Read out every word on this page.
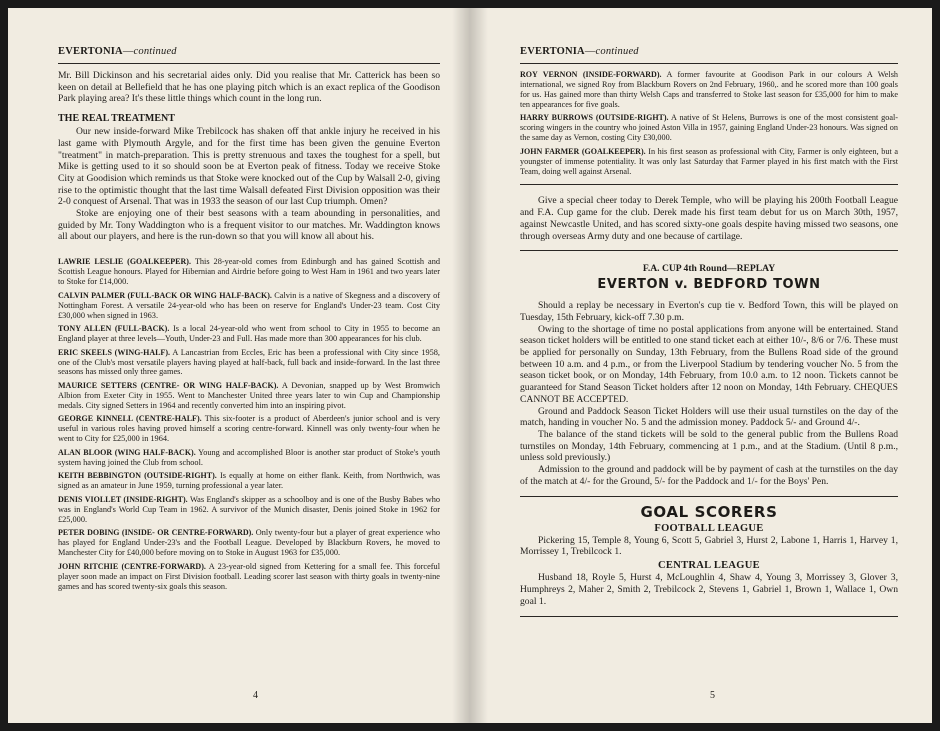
EVERTONIA—continued

Mr. Bill Dickinson and his secretarial aides only. Did you realise that Mr. Catterick has been so keen on detail at Bellefield that he has one playing pitch which is an exact replica of the Goodison Park playing area? It's these little things which count in the long run.

THE REAL TREATMENT

Our new inside-forward Mike Trebilcock has shaken off that ankle injury he received in his last game with Plymouth Argyle, and for the first time has been given the genuine Everton "treatment" in match-preparation. This is pretty strenuous and taxes the toughest for a spell, but Mike is getting used to it so should soon be at Everton peak of fitness. Today we receive Stoke City at Goodision which reminds us that Stoke were knocked out of the Cup by Walsall 2-0, giving rise to the optimistic thought that the last time Walsall defeated First Division opposition was their 2-0 conquest of Arsenal. That was in 1933 the season of our last Cup triumph. Omen?

Stoke are enjoying one of their best seasons with a team abounding in personalities, and guided by Mr. Tony Waddington who is a frequent visitor to our matches. Mr. Waddington knows all about our players, and here is the run-down so that you will know all about his.

LAWRIE LESLIE (GOALKEEPER). This 28-year-old comes from Edinburgh and has gained Scottish and Scottish League honours. Played for Hibernian and Airdrie before going to West Ham in 1961 and two years later to Stoke for £14,000.
CALVIN PALMER (FULL-BACK OR WING HALF-BACK). Calvin is a native of Skegness and a discovery of Nottingham Forest. A versatile 24-year-old who has been on reserve for England's Under-23 team. Cost City £30,000 when signed in 1963.
TONY ALLEN (FULL-BACK). Is a local 24-year-old who went from school to City in 1955 to become an England player at three levels—Youth, Under-23 and Full. Has made more than 300 appearances for his club.
ERIC SKEELS (WING-HALF). A Lancastrian from Eccles, Eric has been a professional with City since 1958, one of the Club's most versatile players having played at half-back, full back and inside-forward. In the last three seasons has missed only three games.
MAURICE SETTERS (CENTRE- OR WING HALF-BACK). A Devonian, snapped up by West Bromwich Albion from Exeter City in 1955. Went to Manchester United three years later to win Cup and Championship medals. City signed Setters in 1964 and recently converted him into an inspiring pivot.
GEORGE KINNELL (CENTRE-HALF). This six-footer is a product of Aberdeen's junior school and is very useful in various roles having proved himself a scoring centre-forward. Kinnell was only twenty-four when he went to City for £25,000 in 1964.
ALAN BLOOR (WING HALF-BACK). Young and accomplished Bloor is another star product of Stoke's youth system having joined the Club from school.
KEITH BEBBINGTON (OUTSIDE-RIGHT). Is equally at home on either flank. Keith, from Northwich, was signed as an amateur in June 1959, turning professional a year later.
DENIS VIOLLET (INSIDE-RIGHT). Was England's skipper as a schoolboy and is one of the Busby Babes who was in England's World Cup Team in 1962. A survivor of the Munich disaster, Denis joined Stoke in 1962 for £25,000.
PETER DOBING (INSIDE- OR CENTRE-FORWARD). Only twenty-four but a player of great experience who has played for England Under-23's and the Football League. Developed by Blackburn Rovers, he moved to Manchester City for £40,000 before moving on to Stoke in August 1963 for £35,000.
JOHN RITCHIE (CENTRE-FORWARD). A 23-year-old signed from Kettering for a small fee. This forceful player soon made an impact on First Division football. Leading scorer last season with thirty goals in twenty-nine games and has scored twenty-six goals this season.
4
EVERTONIA—continued
ROY VERNON (INSIDE-FORWARD). A former favourite at Goodison Park in our colours A Welsh international, we signed Roy from Blackburn Rovers on 2nd February, 1960,. and he scored more than 100 goals for us. Has gained more than thirty Welsh Caps and transferred to Stoke last season for £35,000 for him to make ten appearances for five goals.
HARRY BURROWS (OUTSIDE-RIGHT). A native of St Helens, Burrows is one of the most consistent goal-scoring wingers in the country who joined Aston Villa in 1957, gaining England Under-23 honours. Was signed on the same day as Vernon, costing City £30,000.
JOHN FARMER (GOALKEEPER). In his first season as professional with City, Farmer is only eighteen, but a youngster of immense potentiality. It was only last Saturday that Farmer played in his first match with the First Team, doing well against Arsenal.

Give a special cheer today to Derek Temple, who will be playing his 200th Football League and F.A. Cup game for the club. Derek made his first team debut for us on March 30th, 1957, against Newcastle United, and has scored sixty-one goals despite having missed two seasons, one through overseas Army duty and one because of cartilage.

F.A. CUP 4th Round—REPLAY
EVERTON v. BEDFORD TOWN

Should a replay be necessary in Everton's cup tie v. Bedford Town, this will be played on Tuesday, 15th February, kick-off 7.30 p.m.

Owing to the shortage of time no postal applications from anyone will be entertained. Stand season ticket holders will be entitled to one stand ticket each at either 10/-, 8/6 or 7/6. These must be applied for personally on Sunday, 13th February, from the Bullens Road side of the ground between 10 a.m. and 4 p.m., or from the Liverpool Stadium by tendering voucher No. 5 from the season ticket book, or on Monday, 14th February, from 10.0 a.m. to 12 noon. Tickets cannot be guaranteed for Stand Season Ticket holders after 12 noon on Monday, 14th February. CHEQUES CANNOT BE ACCEPTED.

Ground and Paddock Season Ticket Holders will use their usual turnstiles on the day of the match, handing in voucher No. 5 and the admission money. Paddock 5/- and Ground 4/-.

The balance of the stand tickets will be sold to the general public from the Bullens Road turnstiles on Monday, 14th February, commencing at 1 p.m., and at the Stadium. (Until 8 p.m., unless sold previously.)

Admission to the ground and paddock will be by payment of cash at the turnstiles on the day of the match at 4/- for the Ground, 5/- for the Paddock and 1/- for the Boys' Pen.

GOAL SCORERS
FOOTBALL LEAGUE

Pickering 15, Temple 8, Young 6, Scott 5, Gabriel 3, Hurst 2, Labone 1, Harris 1, Harvey 1, Morrissey 1, Trebilcock 1.

CENTRAL LEAGUE

Husband 18, Royle 5, Hurst 4, McLoughlin 4, Shaw 4, Young 3, Morrissey 3, Glover 3, Humphreys 2, Maher 2, Smith 2, Trebilcock 2, Stevens 1, Gabriel 1, Brown 1, Wallace 1, Own goal 1.

5
